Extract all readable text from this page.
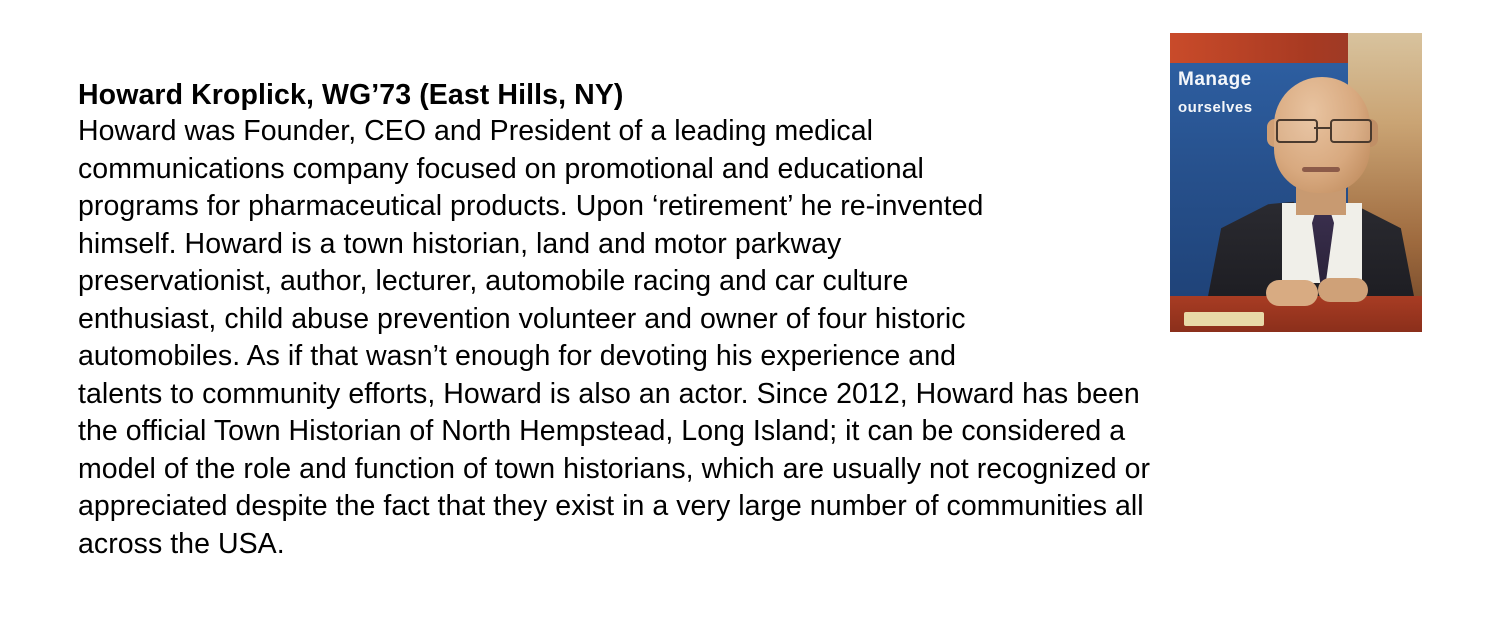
Manage
ourselves

Howard Kroplick, WG’73 (East Hills, NY)

Howard was Founder, CEO and President of a leading medical

communications company focused on promotional and educational

programs for pharmaceutical products. Upon ‘retirement’ he re-invented

himself. Howard is a town historian, land and motor parkway

preservationist, author, lecturer, automobile racing and car culture

enthusiast, child abuse prevention volunteer and owner of four historic

automobiles. As if that wasn’t enough for devoting his experience and

talents to community efforts, Howard is also an actor. Since 2012, Howard has been

the official Town Historian of North Hempstead, Long Island; it can be considered a

model of the role and function of town historians, which are usually not recognized or

appreciated despite the fact that they exist in a very large number of communities all

across the USA.
